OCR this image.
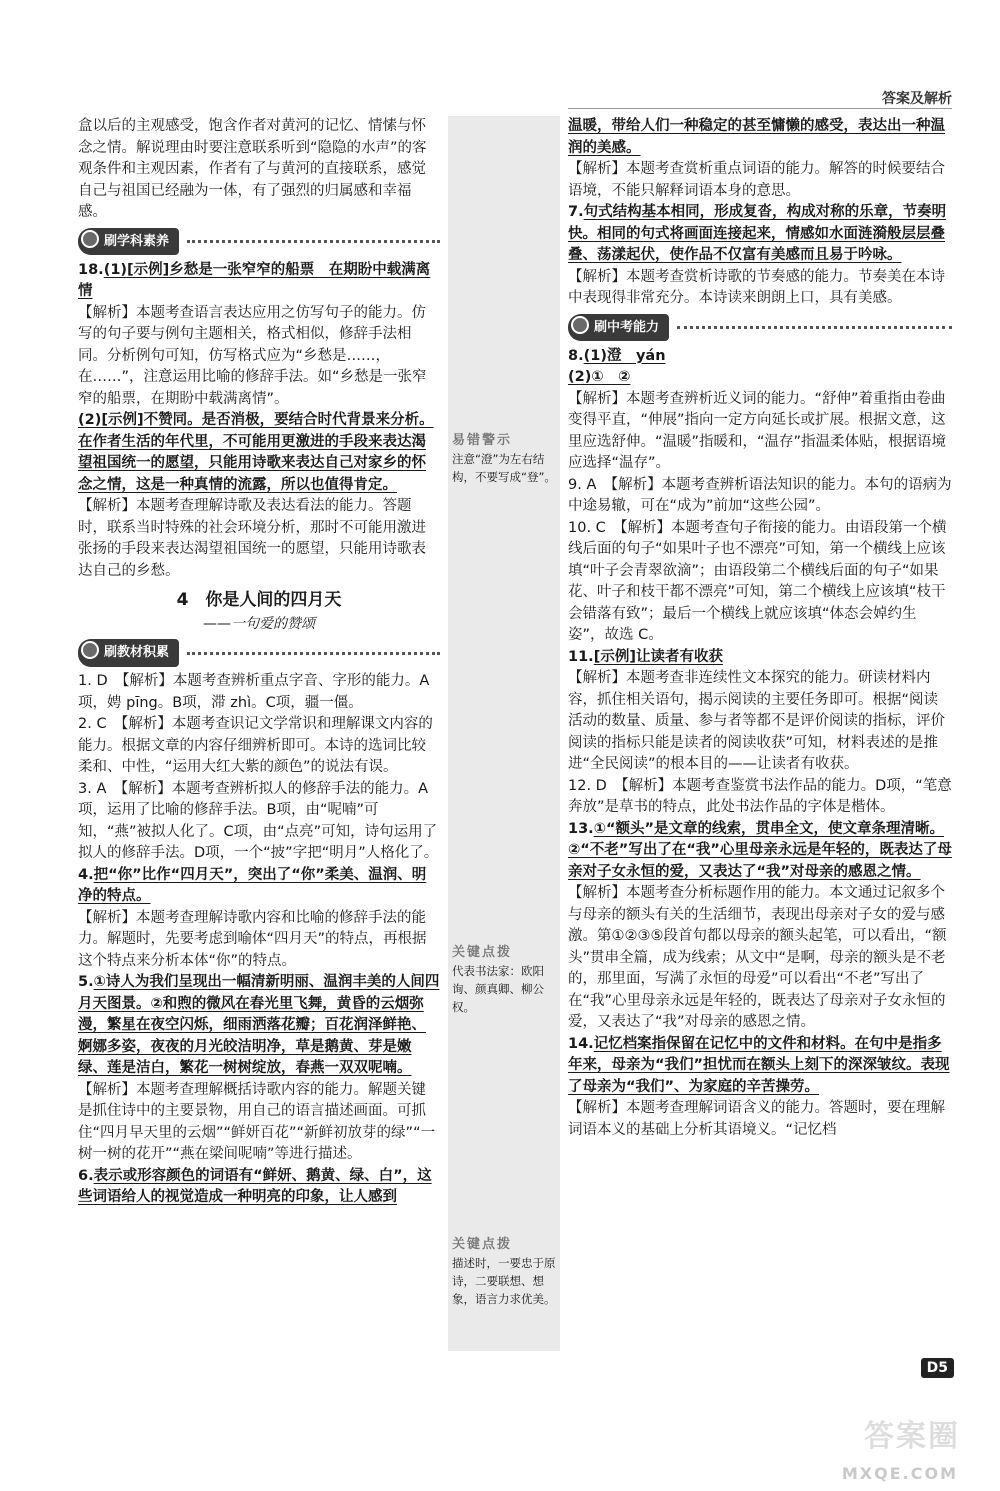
答案及解析

盒以后的主观感受，饱含作者对黄河的记忆、情愫与怀念之情。解说理由时要注意联系听到“隐隐的水声”的客观条件和主观因素，作者有了与黄河的直接联系，感觉自己与祖国已经融为一体，有了强烈的归属感和幸福感。

刷学科素养

18.(1)[示例]乡愁是一张窄窄的船票　在期盼中载满离情

【解析】本题考查语言表达应用之仿写句子的能力。仿写的句子要与例句主题相关，格式相似，修辞手法相同。分析例句可知，仿写格式应为“乡愁是……，在……”，注意运用比喻的修辞手法。如“乡愁是一张窄窄的船票，在期盼中载满离情”。

(2)[示例]不赞同。是否消极，要结合时代背景来分析。在作者生活的年代里，不可能用更激进的手段来表达渴望祖国统一的愿望，只能用诗歌来表达自己对家乡的怀念之情，这是一种真情的流露，所以也值得肯定。

【解析】本题考查理解诗歌及表达看法的能力。答题时，联系当时特殊的社会环境分析，那时不可能用激进张扬的手段来表达渴望祖国统一的愿望，只能用诗歌表达自己的乡愁。

4　你是人间的四月天
——一句爱的赞颂
刷教材积累

1. D　【解析】本题考查辨析重点字音、字形的能力。A项，娉 pīng。B项，滞 zhì。C项，疆一僵。

2. C　【解析】本题考查识记文学常识和理解课文内容的能力。根据文章的内容仔细辨析即可。本诗的选词比较柔和、中性，“运用大红大紫的颜色”的说法有误。

3. A　【解析】本题考查辨析拟人的修辞手法的能力。A项，运用了比喻的修辞手法。B项，由“呢喃”可知，“燕”被拟人化了。C项，由“点亮”可知，诗句运用了拟人的修辞手法。D项，一个“披”字把“明月”人格化了。

4.把“你”比作“四月天”，突出了“你”柔美、温润、明净的特点。

【解析】本题考查理解诗歌内容和比喻的修辞手法的能力。解题时，先要考虑到喻体“四月天”的特点，再根据这个特点来分析本体“你”的特点。

5.①诗人为我们呈现出一幅清新明丽、温润丰美的人间四月天图景。②和煦的微风在春光里飞舞，黄昏的云烟弥漫，繁星在夜空闪烁，细雨洒落花瓣；百花润泽鲜艳、婀娜多姿，夜夜的月光皎洁明净，草是鹅黄、芽是嫩绿、莲是洁白，繁花一树树绽放，春燕一双双呢喃。

【解析】本题考查理解概括诗歌内容的能力。解题关键是抓住诗中的主要景物，用自己的语言描述画面。可抓住“四月早天里的云烟”“鲜妍百花”“新鲜初放芽的绿”“一树一树的花开”“燕在梁间呢喃”等进行描述。

6.表示或形容颜色的词语有“鲜妍、鹅黄、绿、白”，这些词语给人的视觉造成一种明亮的印象，让人感到

易错警示
注意“澄”为左右结构，不要写成“登”。
关键点拨
代表书法家：欧阳询、颜真卿、柳公权。
关键点拨
描述时，一要忠于原诗，二要联想、想象，语言力求优美。

温暖，带给人们一种稳定的甚至慵懒的感受，表达出一种温润的美感。

【解析】本题考查赏析重点词语的能力。解答的时候要结合语境，不能只解释词语本身的意思。

7.句式结构基本相同，形成复沓，构成对称的乐章，节奏明快。相同的句式将画面连接起来，情感如水面涟漪般层层叠叠、荡漾起伏，使作品不仅富有美感而且易于吟咏。

【解析】本题考查赏析诗歌的节奏感的能力。节奏美在本诗中表现得非常充分。本诗读来朗朗上口，具有美感。

刷中考能力

8.(1)澄　yán

(2)①　②

【解析】本题考查辨析近义词的能力。“舒伸”着重指由卷曲变得平直，“伸展”指向一定方向延长或扩展。根据文意，这里应选舒伸。“温暖”指暖和，“温存”指温柔体贴，根据语境应选择“温存”。

9. A　【解析】本题考查辨析语法知识的能力。本句的语病为中途易辙，可在“成为”前加“这些公园”。

10. C　【解析】本题考查句子衔接的能力。由语段第一个横线后面的句子“如果叶子也不漂亮”可知，第一个横线上应该填“叶子会青翠欲滴”；由语段第二个横线后面的句子“如果花、叶子和枝干都不漂亮”可知，第二个横线上应该填“枝干会错落有致”；最后一个横线上就应该填“体态会婥约生姿”，故选 C。

11.[示例]让读者有收获

【解析】本题考查非连续性文本探究的能力。研读材料内容，抓住相关语句，揭示阅读的主要任务即可。根据“阅读活动的数量、质量、参与者等都不是评价阅读的指标，评价阅读的指标只能是读者的阅读收获”可知，材料表述的是推进“全民阅读”的根本目的——让读者有收获。

12. D　【解析】本题考查鉴赏书法作品的能力。D项，“笔意奔放”是草书的特点，此处书法作品的字体是楷体。

13.①“额头”是文章的线索，贯串全文，使文章条理清晰。②“不老”写出了在“我”心里母亲永远是年轻的，既表达了母亲对子女永恒的爱，又表达了“我”对母亲的感恩之情。

【解析】本题考查分析标题作用的能力。本文通过记叙多个与母亲的额头有关的生活细节，表现出母亲对子女的爱与感激。第①②③⑤段首句都以母亲的额头起笔，可以看出，“额头”贯串全篇，成为线索；从文中“是啊，母亲的额头是不老的，那里面，写满了永恒的母爱”可以看出“不老”写出了在“我”心里母亲永远是年轻的，既表达了母亲对子女永恒的爱，又表达了“我”对母亲的感恩之情。

14.记忆档案指保留在记忆中的文件和材料。在句中是指多年来，母亲为“我们”担忧而在额头上刻下的深深皱纹。表现了母亲为“我们”、为家庭的辛苦操劳。

【解析】本题考查理解词语含义的能力。答题时，要在理解词语本义的基础上分析其语境义。“记忆档

D5
答案圈
MXQE.COM
